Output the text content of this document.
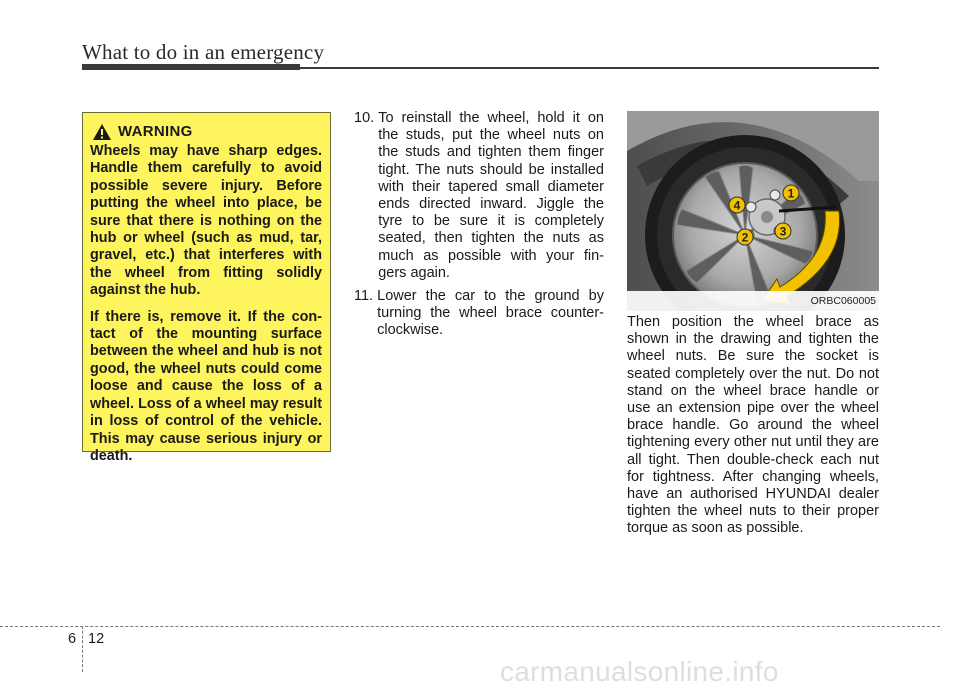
What to do in an emergency
WARNING

Wheels may have sharp edges. Handle them carefully to avoid possible severe injury. Before putting the wheel into place, be sure that there is nothing on the hub or wheel (such as mud, tar, gravel, etc.) that interferes with the wheel from fitting solidly against the hub.

If there is, remove it. If the con-tact of the mounting surface between the wheel and hub is not good, the wheel nuts could come loose and cause the loss of a wheel. Loss of a wheel may result in loss of control of the vehicle. This may cause serious injury or death.

10.
To reinstall the wheel, hold it on the studs, put the wheel nuts on the studs and tighten them finger tight. The nuts should be installed with their tapered small diameter ends directed inward. Jiggle the tyre to be sure it is completely seated, then tighten the nuts as much as possible with your fin-gers again.
11.
Lower the car to the ground by turning the wheel brace counter-clockwise.
1
2	3
4
ORBC060005

Then position the wheel brace as shown in the drawing and tighten the wheel nuts. Be sure the socket is seated completely over the nut. Do not stand on the wheel brace handle or use an extension pipe over the wheel brace handle. Go around the wheel tightening every other nut until they are all tight. Then double-check each nut for tightness. After changing wheels, have an authorised HYUNDAI dealer tighten the wheel nuts to their proper torque as soon as possible.

6 12
carmanualsonline.info
